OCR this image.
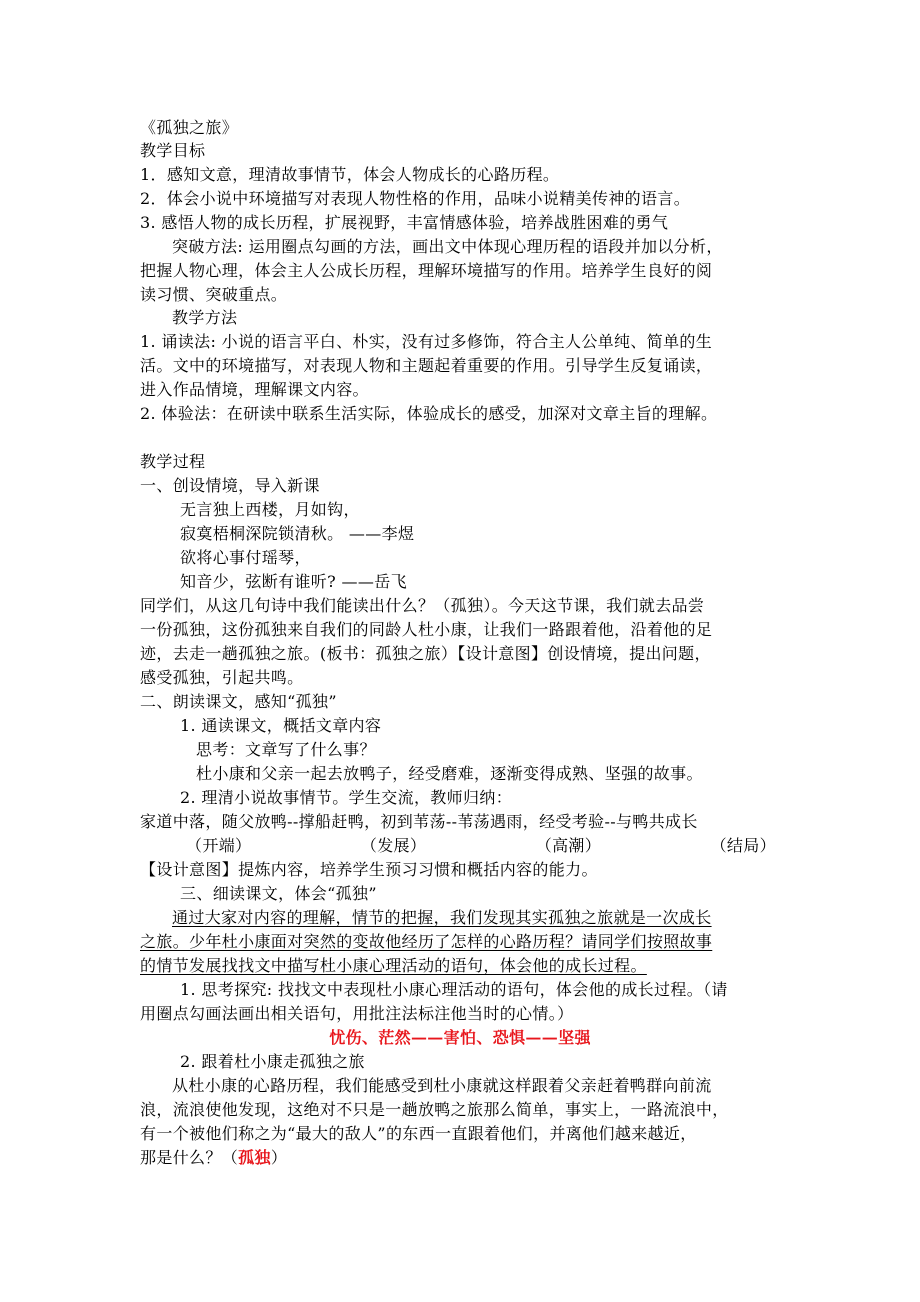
《孤独之旅》
教学目标
1．感知文意，理清故事情节，体会人物成长的心路历程。
2．体会小说中环境描写对表现人物性格的作用，品味小说精美传神的语言。
3. 感悟人物的成长历程，扩展视野，丰富情感体验，培养战胜困难的勇气
突破方法: 运用圈点勾画的方法，画出文中体现心理历程的语段并加以分析，
把握人物心理，体会主人公成长历程，理解环境描写的作用。培养学生良好的阅
读习惯、突破重点。
教学方法
1. 诵读法: 小说的语言平白、朴实，没有过多修饰，符合主人公单纯、简单的生
活。文中的环境描写，对表现人物和主题起着重要的作用。引导学生反复诵读，
进入作品情境，理解课文内容。
2. 体验法：在研读中联系生活实际，体验成长的感受，加深对文章主旨的理解。
教学过程
一、创设情境，导入新课
无言独上西楼，月如钩，
寂寞梧桐深院锁清秋。 ——李煜
欲将心事付瑶琴，
知音少，弦断有谁听? ——岳飞
同学们，从这几句诗中我们能读出什么？（孤独）。今天这节课，我们就去品尝
一份孤独，这份孤独来自我们的同龄人杜小康，让我们一路跟着他，沿着他的足
迹，去走一趟孤独之旅。(板书：孤独之旅）【设计意图】创设情境，提出问题，
感受孤独，引起共鸣。
二、朗读课文，感知“孤独”
1. 通读课文，概括文章内容
思考：文章写了什么事？
杜小康和父亲一起去放鸭子，经受磨难，逐渐变得成熟、坚强的故事。
2. 理清小说故事情节。学生交流，教师归纳：
家道中落，随父放鸭--撑船赶鸭，初到苇荡--苇荡遇雨，经受考验--与鸭共成长
（开端）	（发展）	（高潮）	（结局）
【设计意图】提炼内容，培养学生预习习惯和概括内容的能力。
三、细读课文，体会“孤独”
通过大家对内容的理解，情节的把握，我们发现其实孤独之旅就是一次成长
之旅。少年杜小康面对突然的变故他经历了怎样的心路历程？请同学们按照故事
的情节发展找找文中描写杜小康心理活动的语句，体会他的成长过程。
1. 思考探究: 找找文中表现杜小康心理活动的语句，体会他的成长过程。（请
用圈点勾画法画出相关语句，用批注法标注他当时的心情。）
忧伤、茫然——害怕、恐惧——坚强
2. 跟着杜小康走孤独之旅
从杜小康的心路历程，我们能感受到杜小康就这样跟着父亲赶着鸭群向前流
浪，流浪使他发现，这绝对不只是一趟放鸭之旅那么简单，事实上，一路流浪中，
有一个被他们称之为“最大的敌人”的东西一直跟着他们，并离他们越来越近，
那是什么？（孤独）
